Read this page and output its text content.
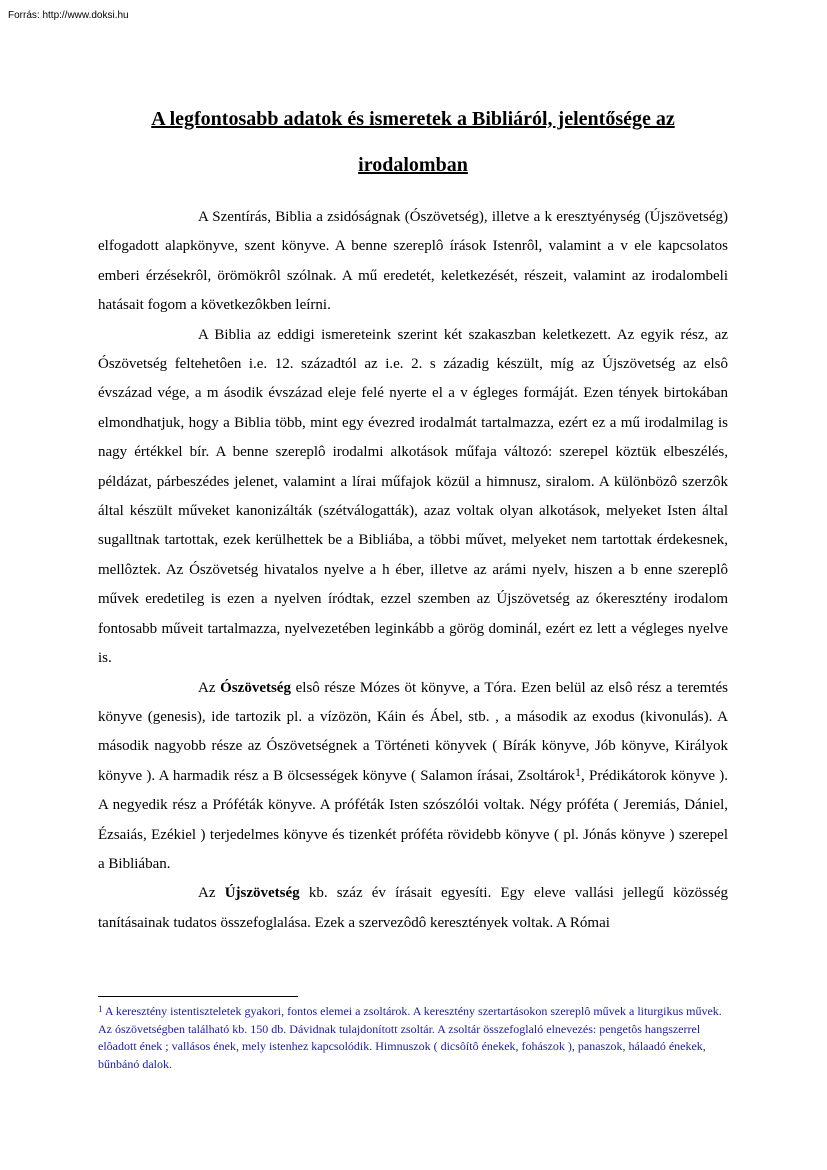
Forrás: http://www.doksi.hu
A legfontosabb adatok és ismeretek a Bibliáról, jelentősége az irodalomban

A Szentírás, Biblia a zsidóságnak (Ószövetség), illetve a k eresztyénység (Újszövetség) elfogadott alapkönyve, szent könyve. A benne szereplô írások Istenrôl, valamint a v ele kapcsolatos emberi érzésekrôl, örömökrôl szólnak. A mű eredetét, keletkezését, részeit, valamint az irodalombeli hatásait fogom a következôkben leírni.

A Biblia az eddigi ismereteink szerint két szakaszban keletkezett. Az egyik rész, az Ószövetség feltehetôen i.e. 12. századtól az i.e. 2. s zázadig készült, míg az Újszövetség az elsô évszázad vége, a m ásodik évszázad eleje felé nyerte el a v égleges formáját. Ezen tények birtokában elmondhatjuk, hogy a Biblia több, mint egy évezred irodalmát tartalmazza, ezért ez a mű irodalmilag is nagy értékkel bír. A benne szereplô irodalmi alkotások műfaja változó: szerepel köztük elbeszélés, példázat, párbeszédes jelenet, valamint a lírai műfajok közül a himnusz, siralom. A különbözô szerzôk által készült műveket kanonizálták (szétválogatták), azaz voltak olyan alkotások, melyeket Isten által sugalltnak tartottak, ezek kerülhettek be a Bibliába, a többi művet, melyeket nem tartottak érdekesnek, mellôztek. Az Ószövetség hivatalos nyelve a h éber, illetve az arámi nyelv, hiszen a b enne szereplô művek eredetileg is ezen a nyelven íródtak, ezzel szemben az Újszövetség az ókeresztény irodalom fontosabb műveit tartalmazza, nyelvezetében leginkább a görög dominál, ezért ez lett a végleges nyelve is.

Az Ószövetség elsô része Mózes öt könyve, a Tóra. Ezen belül az elsô rész a teremtés könyve (genesis), ide tartozik pl. a vízözön, Káin és Ábel, stb. , a második az exodus (kivonulás). A második nagyobb része az Ószövetségnek a Történeti könyvek ( Bírák könyve, Jób könyve, Királyok könyve ). A harmadik rész a B ölcsességek könyve ( Salamon írásai, Zsoltárok$^1$, Prédikátorok könyve ). A negyedik rész a Próféták könyve. A próféták Isten szószólói voltak. Négy próféta ( Jeremiás, Dániel, Ézsaiás, Ezékiel ) terjedelmes könyve és tizenkét próféta rövidebb könyve ( pl. Jónás könyve ) szerepel a Bibliában.

Az Újszövetség kb. száz év írásait egyesíti. Egy eleve vallási jellegű közösség tanításainak tudatos összefoglalása. Ezek a szervezôdô keresztények voltak. A Római

$^1$ A keresztény istentiszteletek gyakori, fontos elemei a zsoltárok. A keresztény szertartásokon szereplô művek a liturgikus művek. Az ószövetségben található kb. 150 db. Dávidnak tulajdonított zsoltár. A zsoltár összefoglaló elnevezés: pengetôs hangszerrel elôadott ének ; vallásos ének, mely istenhez kapcsolódik. Himnuszok ( dicsôítô énekek, fohászok ), panaszok, hálaadó énekek, bűnbánó dalok.
